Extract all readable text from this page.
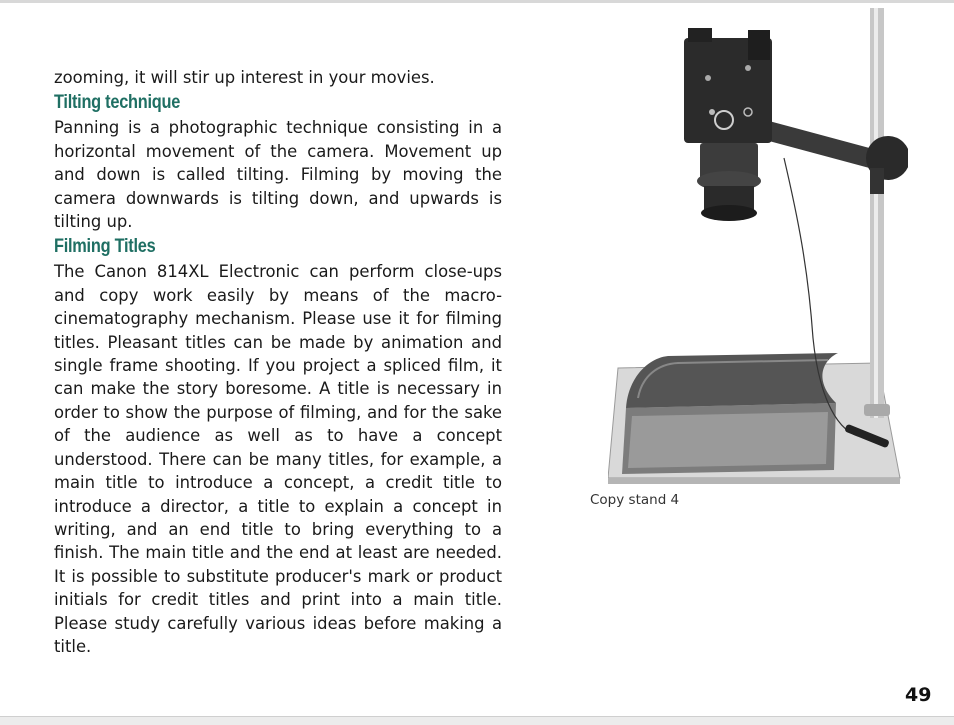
zooming, it will stir up interest in your movies.

Tilting technique

Panning is a photographic technique consisting in a horizontal movement of the camera. Movement up and down is called tilting. Filming by moving the camera downwards is tilting down, and upwards is tilting up.

Filming Titles

The Canon 814XL Electronic can perform close-ups and copy work easily by means of the macro-cinematography mechanism. Please use it for filming titles. Pleasant titles can be made by animation and single frame shooting. If you project a spliced film, it can make the story boresome. A title is necessary in order to show the purpose of filming, and for the sake of the audience as well as to have a concept understood. There can be many titles, for example, a main title to introduce a concept, a credit title to introduce a director, a title to explain a concept in writing, and an end title to bring everything to a finish. The main title and the end at least are needed. It is possible to substitute producer's mark or product initials for credit titles and print into a main title. Please study carefully various ideas before making a title.

Copy stand 4
49
